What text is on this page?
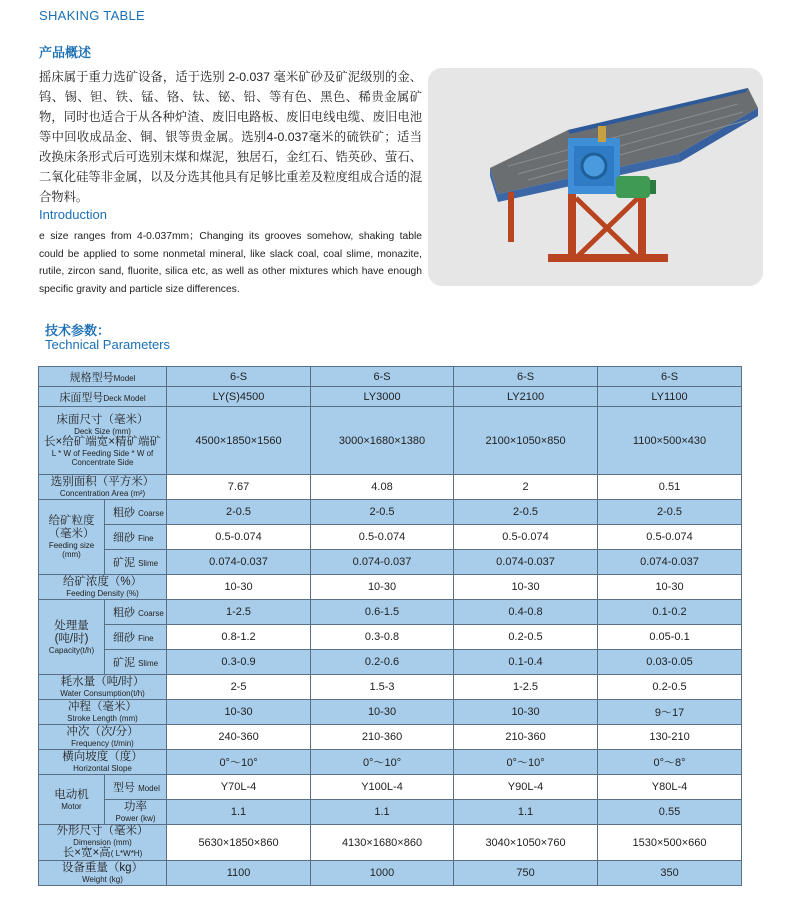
SHAKING TABLE
产品概述
摇床属于重力选矿设备，适于选别 2-0.037 毫米矿砂及矿泥级别的金、钨、锡、钽、铁、锰、铬、钛、铋、铅、等有色、黑色、稀贵金属矿物，同时也适合于从各种炉渣、废旧电路板、废旧电线电缆、废旧电池等中回收成品金、铜、银等贵金属。选别4-0.037毫米的硫铁矿；适当改换床条形式后可选别末煤和煤泥，独居石，金红石、锆英砂、萤石、二氧化硅等非金属，以及分选其他具有足够比重差及粒度组成合适的混合物料。
Introduction
e size ranges from 4-0.037mm；Changing its grooves somehow, shaking table could be applied to some nonmetal mineral, like slack coal, coal slime, monazite, rutile, zircon sand, fluorite, silica etc, as well as other mixtures which have enough specific gravity and particle size differences.
技术参数：
Technical Parameters
规格型号Model		6-S	6-S	6-S	6-S
床面型号Deck Model		LY(S)4500	LY3000	LY2100	LY1100

床面尺寸（毫米）
Deck Size (mm)
长×给矿端宽×精矿端矿
L * W of Feeding Side * W of Concentrate Side		4500×1850×1560	3000×1680×1380	2100×1050×850	1100×500×430

选别面积（平方米）
Concentration Area (m²)		7.67	4.08	2	0.51

给矿粒度
（毫米）
Feeding size (mm)	粗砂 Coarse	2-0.5	2-0.5	2-0.5	2-0.5
	细砂 Fine	0.5-0.074	0.5-0.074	0.5-0.074	0.5-0.074
	矿泥 Slime	0.074-0.037	0.074-0.037	0.074-0.037	0.074-0.037

给矿浓度（%）
Feeding Density (%)		10-30	10-30	10-30	10-30

处理量
(吨/时)
Capacity(t/h)	粗砂 Coarse	1-2.5	0.6-1.5	0.4-0.8	0.1-0.2
	细砂 Fine	0.8-1.2	0.3-0.8	0.2-0.5	0.05-0.1
	矿泥 Slime	0.3-0.9	0.2-0.6	0.1-0.4	0.03-0.05

耗水量（吨/时）
Water Consumption(t/h)		2-5	1.5-3	1-2.5	0.2-0.5

冲程（毫米）
Stroke Length (mm)		10-30	10-30	10-30	9～17

冲次（次/分）
Frequency (t/min)		240-360	210-360	210-360	130-210

横向坡度（度）
Horizontal Slope		0°～10°	0°～10°	0°～10°	0°～8°

电动机
Motor	型号 Model	Y70L-4	Y100L-4	Y90L-4	Y80L-4

	功率
Power (kw)	1.1	1.1	1.1	0.55

外形尺寸（毫米）
Dimension (mm)
长×宽×高( L*W*H)		5630×1850×860	4130×1680×860	3040×1050×760	1530×500×660

设备重量（kg）
Weight (kg)		1100	1000	750	350
